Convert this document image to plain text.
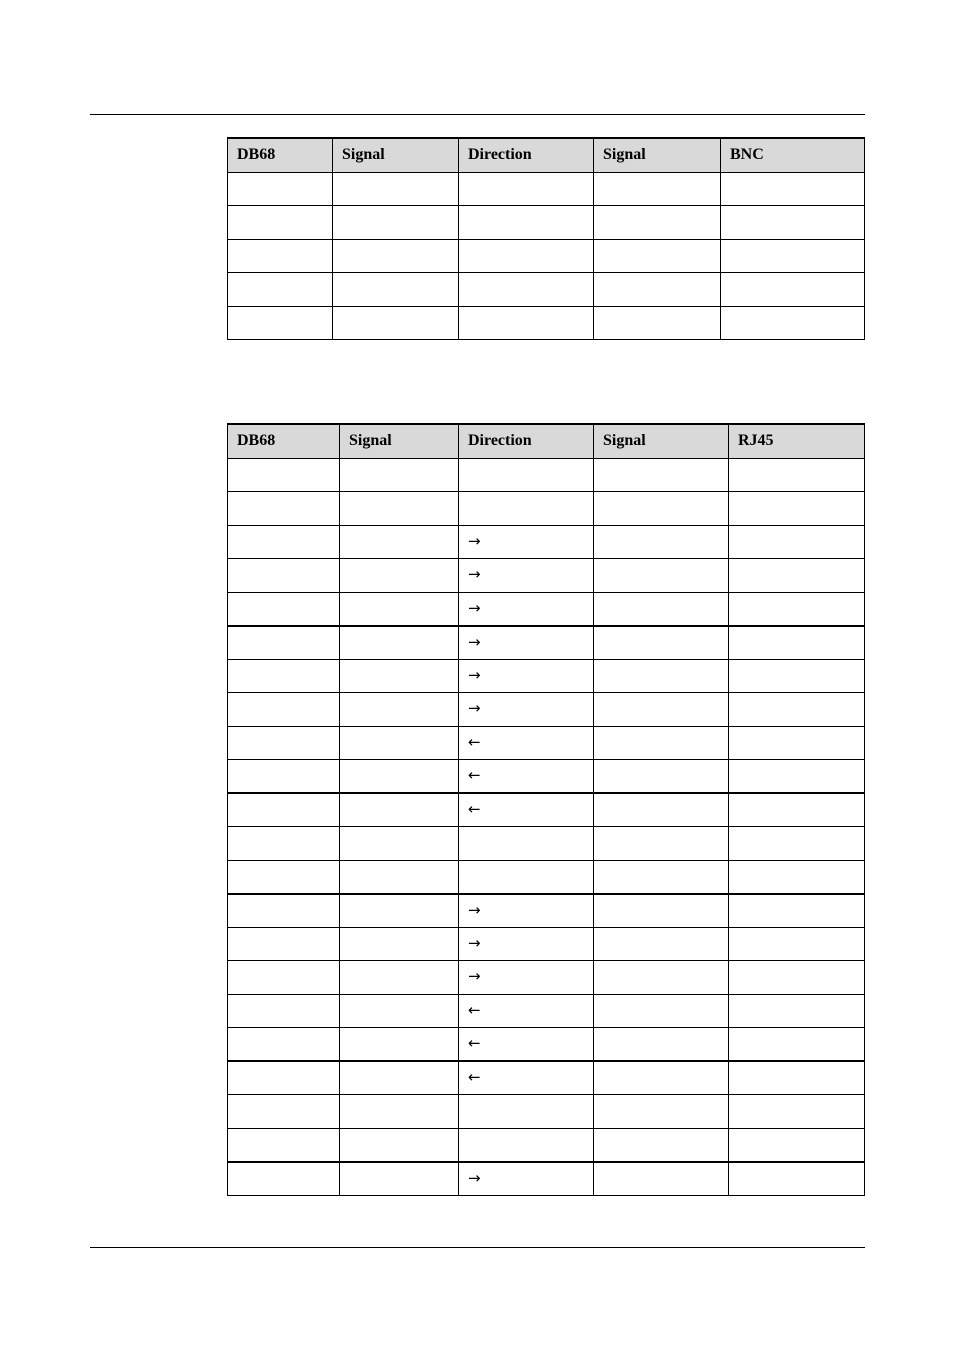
DB68	Signal	Direction	Signal	BNC

DB68	Signal	Direction	Signal	RJ45

		→		
		→		
		→		
		→		
		→		
		→		
		←		
		←		
		←		

		→		
		→		
		→		
		←		
		←		
		←		

		→		
